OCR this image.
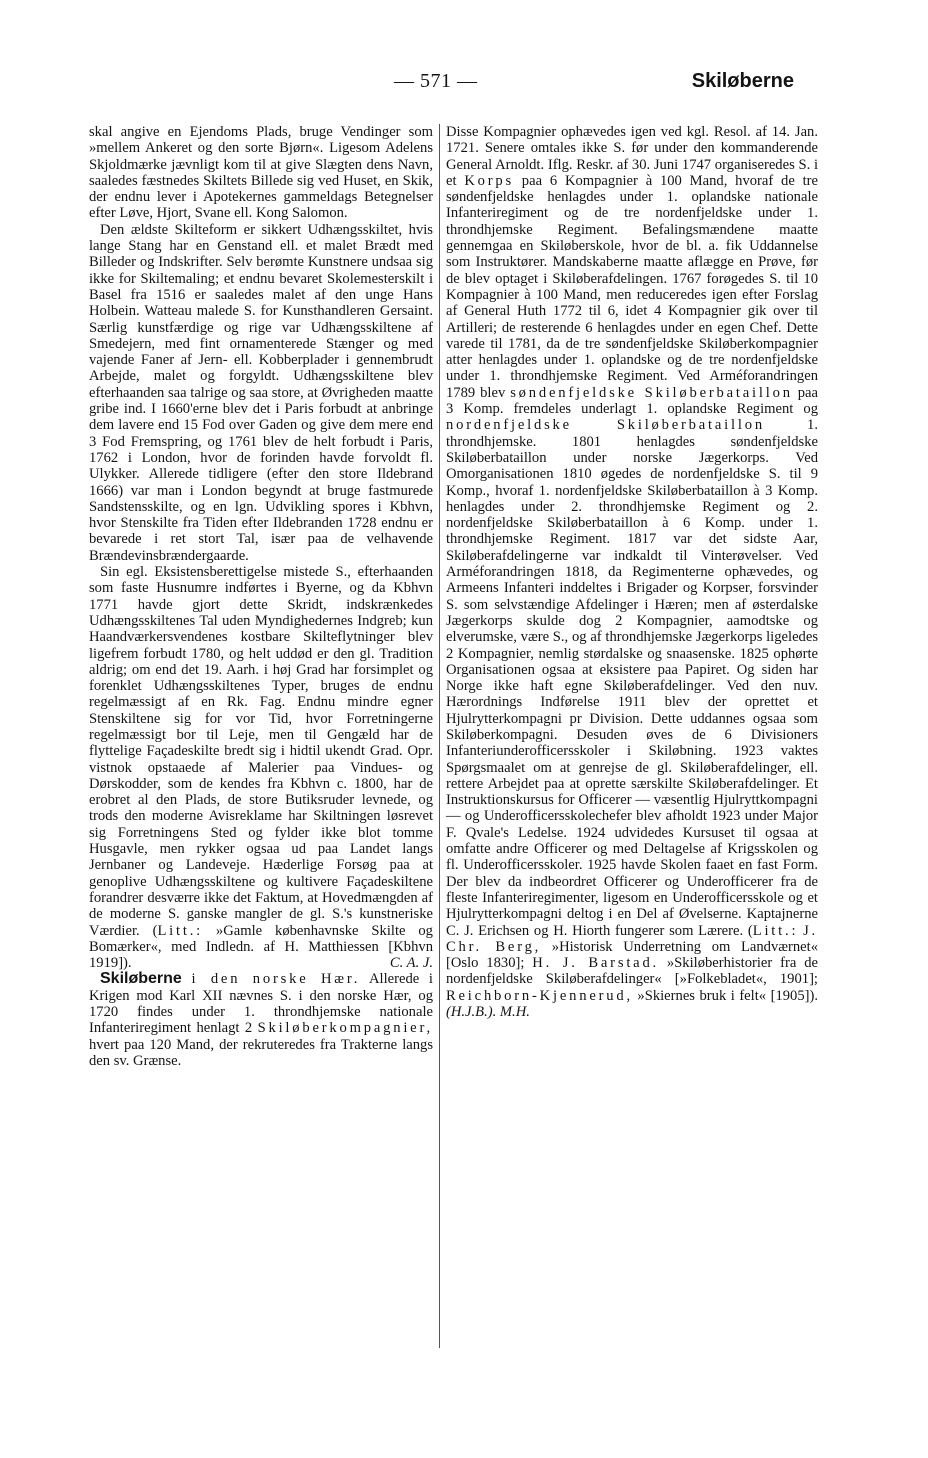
— 571 —	Skiløberne

skal angive en Ejendoms Plads, bruge Vendinger som »mellem Ankeret og den sorte Bjørn«. Ligesom Adelens Skjoldmærke jævnligt kom til at give Slægten dens Navn, saaledes fæstnedes Skiltets Billede sig ved Huset, en Skik, der endnu lever i Apotekernes gammeldags Betegnelser efter Løve, Hjort, Svane ell. Kong Salomon.

Den ældste Skilteform er sikkert Udhængsskiltet, hvis lange Stang har en Genstand ell. et malet Brædt med Billeder og Indskrifter. Selv berømte Kunstnere undsaa sig ikke for Skiltemaling; et endnu bevaret Skolemesterskilt i Basel fra 1516 er saaledes malet af den unge Hans Holbein. Watteau malede S. for Kunsthandleren Gersaint. Særlig kunstfærdige og rige var Udhængsskiltene af Smedejern, med fint ornamenterede Stænger og med vajende Faner af Jern- ell. Kobberplader i gennembrudt Arbejde, malet og forgyldt. Udhængsskiltene blev efterhaanden saa talrige og saa store, at Øvrigheden maatte gribe ind. I 1660'erne blev det i Paris forbudt at anbringe dem lavere end 15 Fod over Gaden og give dem mere end 3 Fod Fremspring, og 1761 blev de helt forbudt i Paris, 1762 i London, hvor de forinden havde forvoldt fl. Ulykker. Allerede tidligere (efter den store Ildebrand 1666) var man i London begyndt at bruge fastmurede Sandstensskilte, og en lgn. Udvikling spores i Kbhvn, hvor Stenskilte fra Tiden efter Ildebranden 1728 endnu er bevarede i ret stort Tal, især paa de velhavende Brændevinsbrændergaarde.

Sin egl. Eksistensberettigelse mistede S., efterhaanden som faste Husnumre indførtes i Byerne, og da Kbhvn 1771 havde gjort dette Skridt, indskrænkedes Udhængsskiltenes Tal uden Myndighedernes Indgreb; kun Haandværkersvendenes kostbare Skilteflytninger blev ligefrem forbudt 1780, og helt uddød er den gl. Tradition aldrig; om end det 19. Aarh. i høj Grad har forsimplet og forenklet Udhængsskiltenes Typer, bruges de endnu regelmæssigt af en Rk. Fag. Endnu mindre egner Stenskiltene sig for vor Tid, hvor Forretningerne regelmæssigt bor til Leje, men til Gengæld har de flyttelige Façadeskilte bredt sig i hidtil ukendt Grad. Opr. vistnok opstaaede af Malerier paa Vindues- og Dørskodder, som de kendes fra Kbhvn c. 1800, har de erobret al den Plads, de store Butiksruder levnede, og trods den moderne Avisreklame har Skiltningen løsrevet sig Forretningens Sted og fylder ikke blot tomme Husgavle, men rykker ogsaa ud paa Landet langs Jernbaner og Landeveje. Hæderlige Forsøg paa at genoplive Udhængsskiltene og kultivere Façadeskiltene forandrer desværre ikke det Faktum, at Hovedmængden af de moderne S. ganske mangler de gl. S.'s kunstneriske Værdier. (Litt.: »Gamle københavnske Skilte og Bomærker«, med Indledn. af H. Matthiessen [Kbhvn 1919]).	C. A. J.

Skiløberne i den norske Hær. Allerede i Krigen mod Karl XII nævnes S. i den norske Hær, og 1720 findes under 1. throndhjemske nationale Infanteriregiment henlagt 2 Skiløberkompagnier, hvert paa 120 Mand, der rekruteredes fra Trakterne langs den sv. Grænse.

Disse Kompagnier ophævedes igen ved kgl. Resol. af 14. Jan. 1721. Senere omtales ikke S. før under den kommanderende General Arnoldt. Iflg. Reskr. af 30. Juni 1747 organiseredes S. i et Korps paa 6 Kompagnier à 100 Mand, hvoraf de tre søndenfjeldske henlagdes under 1. oplandske nationale Infanteriregiment og de tre nordenfjeldske under 1. throndhjemske Regiment. Befalingsmændene maatte gennemgaa en Skiløberskole, hvor de bl. a. fik Uddannelse som Instruktører. Mandskaberne maatte aflægge en Prøve, før de blev optaget i Skiløberafdelingen. 1767 forøgedes S. til 10 Kompagnier à 100 Mand, men reduceredes igen efter Forslag af General Huth 1772 til 6, idet 4 Kompagnier gik over til Artilleri; de resterende 6 henlagdes under en egen Chef. Dette varede til 1781, da de tre søndenfjeldske Skiløberkompagnier atter henlagdes under 1. oplandske og de tre nordenfjeldske under 1. throndhjemske Regiment. Ved Arméforandringen 1789 blev søndenfjeldske Skiløberbataillon paa 3 Komp. fremdeles underlagt 1. oplandske Regiment og nordenfjeldske Skiløberbataillon 1. throndhjemske. 1801 henlagdes søndenfjeldske Skiløberbataillon under norske Jægerkorps. Ved Omorganisationen 1810 øgedes de nordenfjeldske S. til 9 Komp., hvoraf 1. nordenfjeldske Skiløberbataillon à 3 Komp. henlagdes under 2. throndhjemske Regiment og 2. nordenfjeldske Skiløberbataillon à 6 Komp. under 1. throndhjemske Regiment. 1817 var det sidste Aar, Skiløberafdelingerne var indkaldt til Vinterøvelser. Ved Arméforandringen 1818, da Regimenterne ophævedes, og Armeens Infanteri inddeltes i Brigader og Korpser, forsvinder S. som selvstændige Afdelinger i Hæren; men af østerdalske Jægerkorps skulde dog 2 Kompagnier, aamodtske og elverumske, være S., og af throndhjemske Jægerkorps ligeledes 2 Kompagnier, nemlig størdalske og snaasenske. 1825 ophørte Organisationen ogsaa at eksistere paa Papiret. Og siden har Norge ikke haft egne Skiløberafdelinger. Ved den nuv. Hærordnings Indførelse 1911 blev der oprettet et Hjulrytterkompagni pr Division. Dette uddannes ogsaa som Skiløberkompagni. Desuden øves de 6 Divisioners Infanteriunderofficersskoler i Skiløbning. 1923 vaktes Spørgsmaalet om at genrejse de gl. Skiløberafdelinger, ell. rettere Arbejdet paa at oprette særskilte Skiløberafdelinger. Et Instruktionskursus for Officerer — væsentlig Hjulryttkompagni — og Underofficersskolechefer blev afholdt 1923 under Major F. Qvale's Ledelse. 1924 udvidedes Kursuset til ogsaa at omfatte andre Officerer og med Deltagelse af Krigsskolen og fl. Underofficersskoler. 1925 havde Skolen faaet en fast Form. Der blev da indbeordret Officerer og Underofficerer fra de fleste Infanteriregimenter, ligesom en Underofficersskole og et Hjulrytterkompagni deltog i en Del af Øvelserne. Kaptajnerne C. J. Erichsen og H. Hiorth fungerer som Lærere. (Litt.: J. Chr. Berg, »Historisk Underretning om Landværnet« [Oslo 1830]; H. J. Barstad. »Skiløberhistorier fra de nordenfjeldske Skiløberafdelinger« [»Folkebladet«, 1901]; Reichborn-Kjennerud, »Skiernes bruk i felt« [1905]). (H.J.B.). M.H.
